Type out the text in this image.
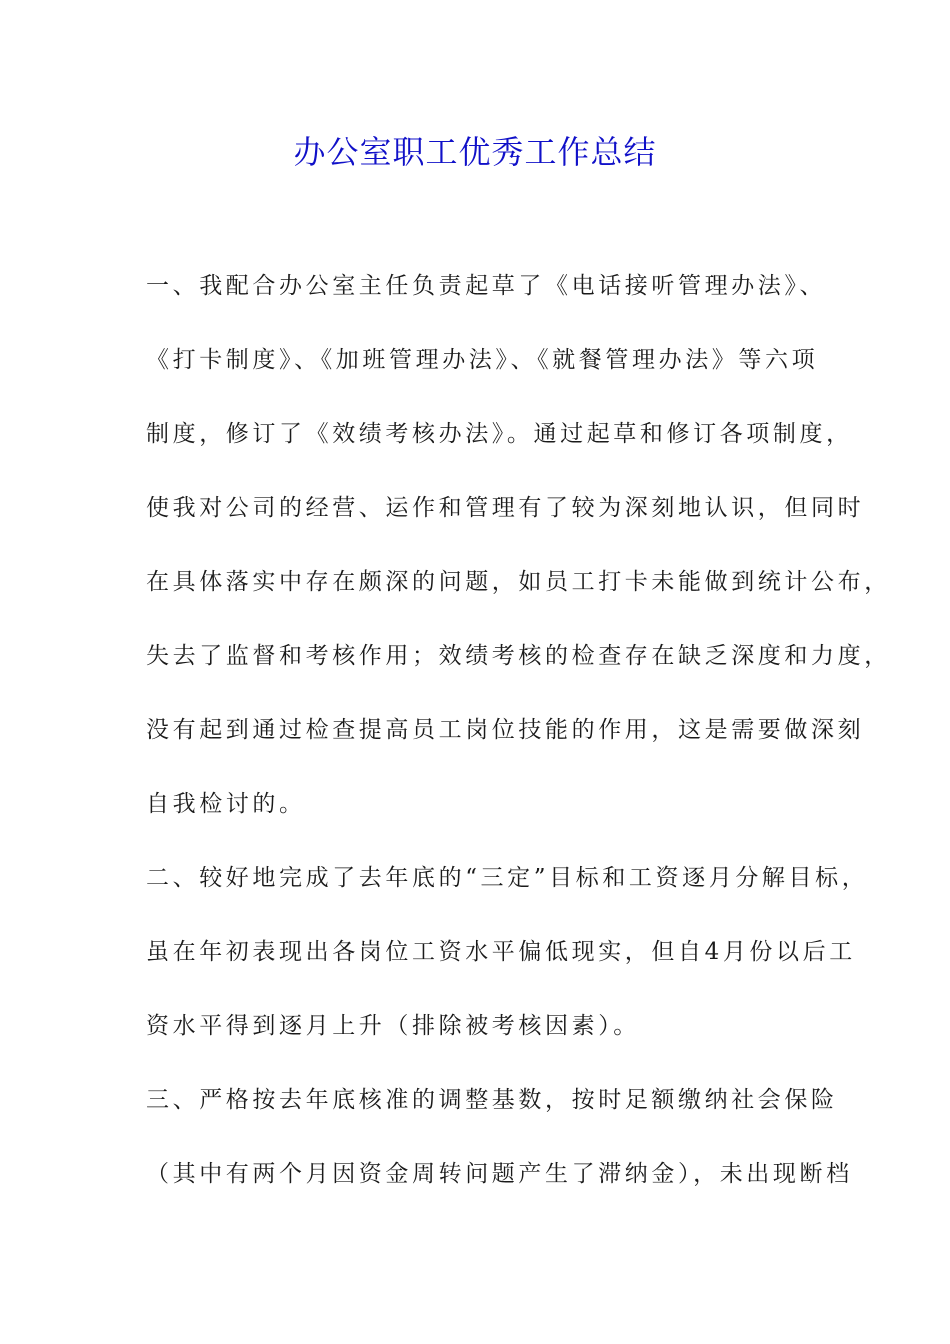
办公室职工优秀工作总结
一、我配合办公室主任负责起草了《电话接听管理办法》、
《打卡制度》、《加班管理办法》、《就餐管理办法》等六项
制度，修订了《效绩考核办法》。通过起草和修订各项制度，
使我对公司的经营、运作和管理有了较为深刻地认识，但同时
在具体落实中存在颇深的问题，如员工打卡未能做到统计公布，
失去了监督和考核作用；效绩考核的检查存在缺乏深度和力度，
没有起到通过检查提高员工岗位技能的作用，这是需要做深刻
自我检讨的。
二、较好地完成了去年底的“三定”目标和工资逐月分解目标，
虽在年初表现出各岗位工资水平偏低现实，但自4月份以后工
资水平得到逐月上升（排除被考核因素）。
三、严格按去年底核准的调整基数，按时足额缴纳社会保险
（其中有两个月因资金周转问题产生了滞纳金），未出现断档
